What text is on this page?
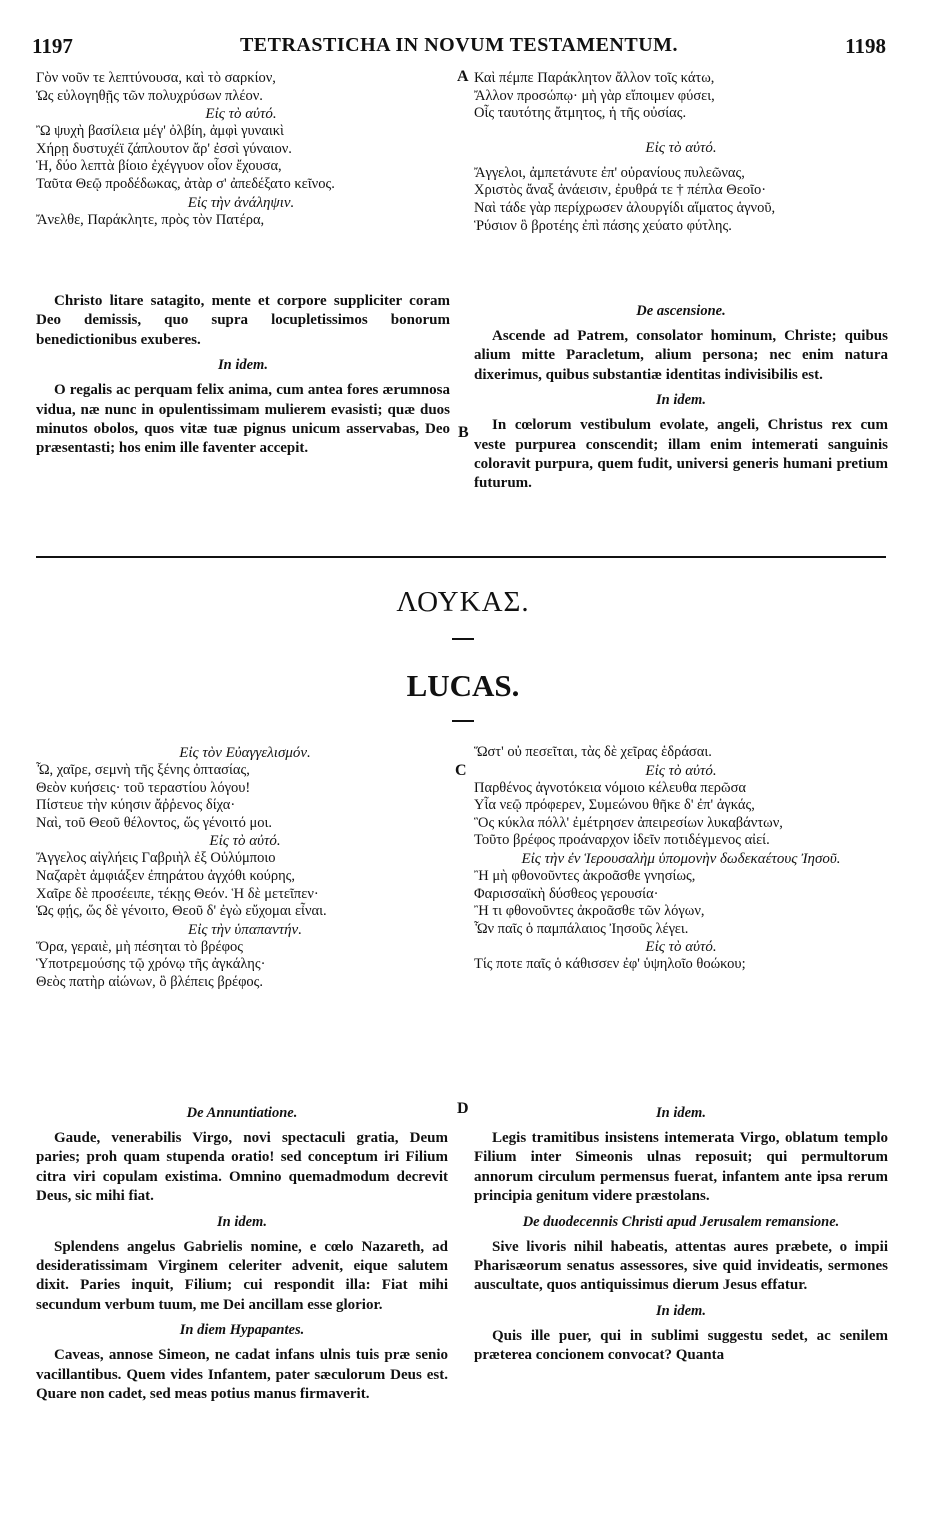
1197	TETRASTICHA IN NOVUM TESTAMENTUM.	1198
Γὸν νοῦν τε λεπτύνουσα, καὶ τὸ σαρκίον,
Ὡς εὐλογηθῇς τῶν πολυχρύσων πλέον.
Εἰς τὸ αὐτό.
Ὢ ψυχὴ βασίλεια μέγ' ὀλβίη, ἀμφὶ γυναικὶ
Χήρῃ δυστυχέϊ ζάπλουτον ἄρ' ἐσσὶ γύναιον.
Ἡ, δύο λεπτὰ βίοιο ἐχέγγυον οἷον ἔχουσα,
Ταῦτα Θεῷ προδέδωκας, ἀτὰρ σ' ἀπεδέξατο κεῖνος.
Εἰς τὴν ἀνάληψιν.
Ἄνελθε, Παράκλητε, πρὸς τὸν Πατέρα,

Christo litare satagito, mente et corpore suppliciter coram Deo demissis, quo supra locupletissimos bonorum benedictionibus exuberes.

In idem.

O regalis ac perquam felix anima, cum antea fores ærumnosa vidua, næ nunc in opulentissimam mulierem evasisti; quæ duos minutos obolos, quos vitæ tuæ pignus unicum asservabas, Deo præsentasti; hos enim ille faventer accepit.

Καὶ πέμπε Παράκλητον ἄλλον τοῖς κάτω,
Ἄλλον προσώπῳ· μὴ γὰρ εἴποιμεν φύσει,
Οἷς ταυτότης ἄτμητος, ἡ τῆς οὐσίας.
Εἰς τὸ αὐτό.
Ἄγγελοι, ἀμπετάνυτε ἐπ' οὐρανίους πυλεῶνας,
Χριστὸς ἄναξ ἀνάεισιν, ἐρυθρά τε † πέπλα Θεοῖο·
Ναὶ τάδε γὰρ περίχρωσεν ἀλουργίδι αἵματος ἁγνοῦ,
Ῥύσιον ὃ βροτέης ἐπὶ πάσης χεύατο φύτλης.
De ascensione.

Ascende ad Patrem, consolator hominum, Christe; quibus alium mitte Paracletum, alium persona; nec enim natura dixerimus, quibus substantiæ identitas indivisibilis est.

In idem.

In cœlorum vestibulum evolate, angeli, Christus rex cum veste purpurea conscendit; illam enim intemerati sanguinis coloravit purpura, quem fudit, universi generis humani pretium futurum.

A
B
ΛΟΥΚΑΣ.
LUCAS.
Εἰς τὸν Εὐαγγελισμόν.
Ὦ, χαῖρε, σεμνὴ τῆς ξένης ὀπτασίας,
Θεὸν κυήσεις· τοῦ τεραστίου λόγου!
Πίστευε τὴν κύησιν ἄῤῥενος δίχα·
Ναὶ, τοῦ Θεοῦ θέλοντος, ὥς γένοιτό μοι.
Εἰς τὸ αὐτό.
Ἄγγελος αἰγλήεις Γαβριὴλ ἐξ Οὐλύμποιο
Ναζαρὲτ ἀμφιάξεν ἐπηράτου ἀγχόθι κούρης,
Χαῖρε δὲ προσέειπε, τέκῃς Θεόν. Ἡ δὲ μετεῖπεν·
Ὡς φῄς, ὥς δὲ γένοιτο, Θεοῦ δ' ἐγὼ εὔχομαι εἶναι.
Εἰς τὴν ὑπαπαντήν.
Ὅρα, γεραιὲ, μὴ πέσηται τὸ βρέφος
Ὑποτρεμούσης τῷ χρόνῳ τῆς ἀγκάλης·
Θεὸς πατὴρ αἰώνων, ὃ βλέπεις βρέφος.
De Annuntiatione.

Gaude, venerabilis Virgo, novi spectaculi gratia, Deum paries; proh quam stupenda oratio! sed conceptum iri Filium citra viri copulam existima. Omnino quemadmodum decrevit Deus, sic mihi fiat.

In idem.

Splendens angelus Gabrielis nomine, e cœlo Nazareth, ad desideratissimam Virginem celeriter advenit, eique salutem dixit. Paries inquit, Filium; cui respondit illa: Fiat mihi secundum verbum tuum, me Dei ancillam esse glorior.

In diem Hypapantes.

Caveas, annose Simeon, ne cadat infans ulnis tuis præ senio vacillantibus. Quem vides Infantem, pater sæculorum Deus est. Quare non cadet, sed meas potius manus firmaverit.

Ὥστ' οὐ πεσεῖται, τὰς δὲ χεῖρας ἑδράσαι.
Εἰς τὸ αὐτό.
Παρθένος ἀγνοτόκεια νόμοιο κέλευθα περῶσα
Υἷα νεῷ πρόφερεν, Συμεώνου θῆκε δ' ἐπ' ἀγκάς,
Ὃς κύκλα πόλλ' ἐμέτρησεν ἀπειρεσίων λυκαβάντων,
Τοῦτο βρέφος προάναρχον ἰδεῖν ποτιδέγμενος αἰεί.
Εἰς τὴν ἐν Ἱερουσαλὴμ ὑπομονὴν δωδεκαέτους Ἰησοῦ.
Ἢ μὴ φθονοῦντες ἀκροᾶσθε γνησίως,
Φαρισσαϊκὴ δύσθεος γερουσία·
Ἢ τι φθονοῦντες ἀκροᾶσθε τῶν λόγων,
Ὧν παῖς ὁ παμπάλαιος Ἰησοῦς λέγει.
Εἰς τὸ αὐτό.
Τίς ποτε παῖς ὁ κάθισσεν ἐφ' ὑψηλοῖο θοώκου;
In idem.

Legis tramitibus insistens intemerata Virgo, oblatum templo Filium inter Simeonis ulnas reposuit; qui permultorum annorum circulum permensus fuerat, infantem ante ipsa rerum principia genitum videre præstolans.

De duodecennis Christi apud Jerusalem remansione.

Sive livoris nihil habeatis, attentas aures præbete, o impii Pharisæorum senatus assessores, sive quid invideatis, sermones auscultate, quos antiquissimus dierum Jesus effatur.

In idem.

Quis ille puer, qui in sublimi suggestu sedet, ac senilem præterea concionem convocat? Quanta

C
D
